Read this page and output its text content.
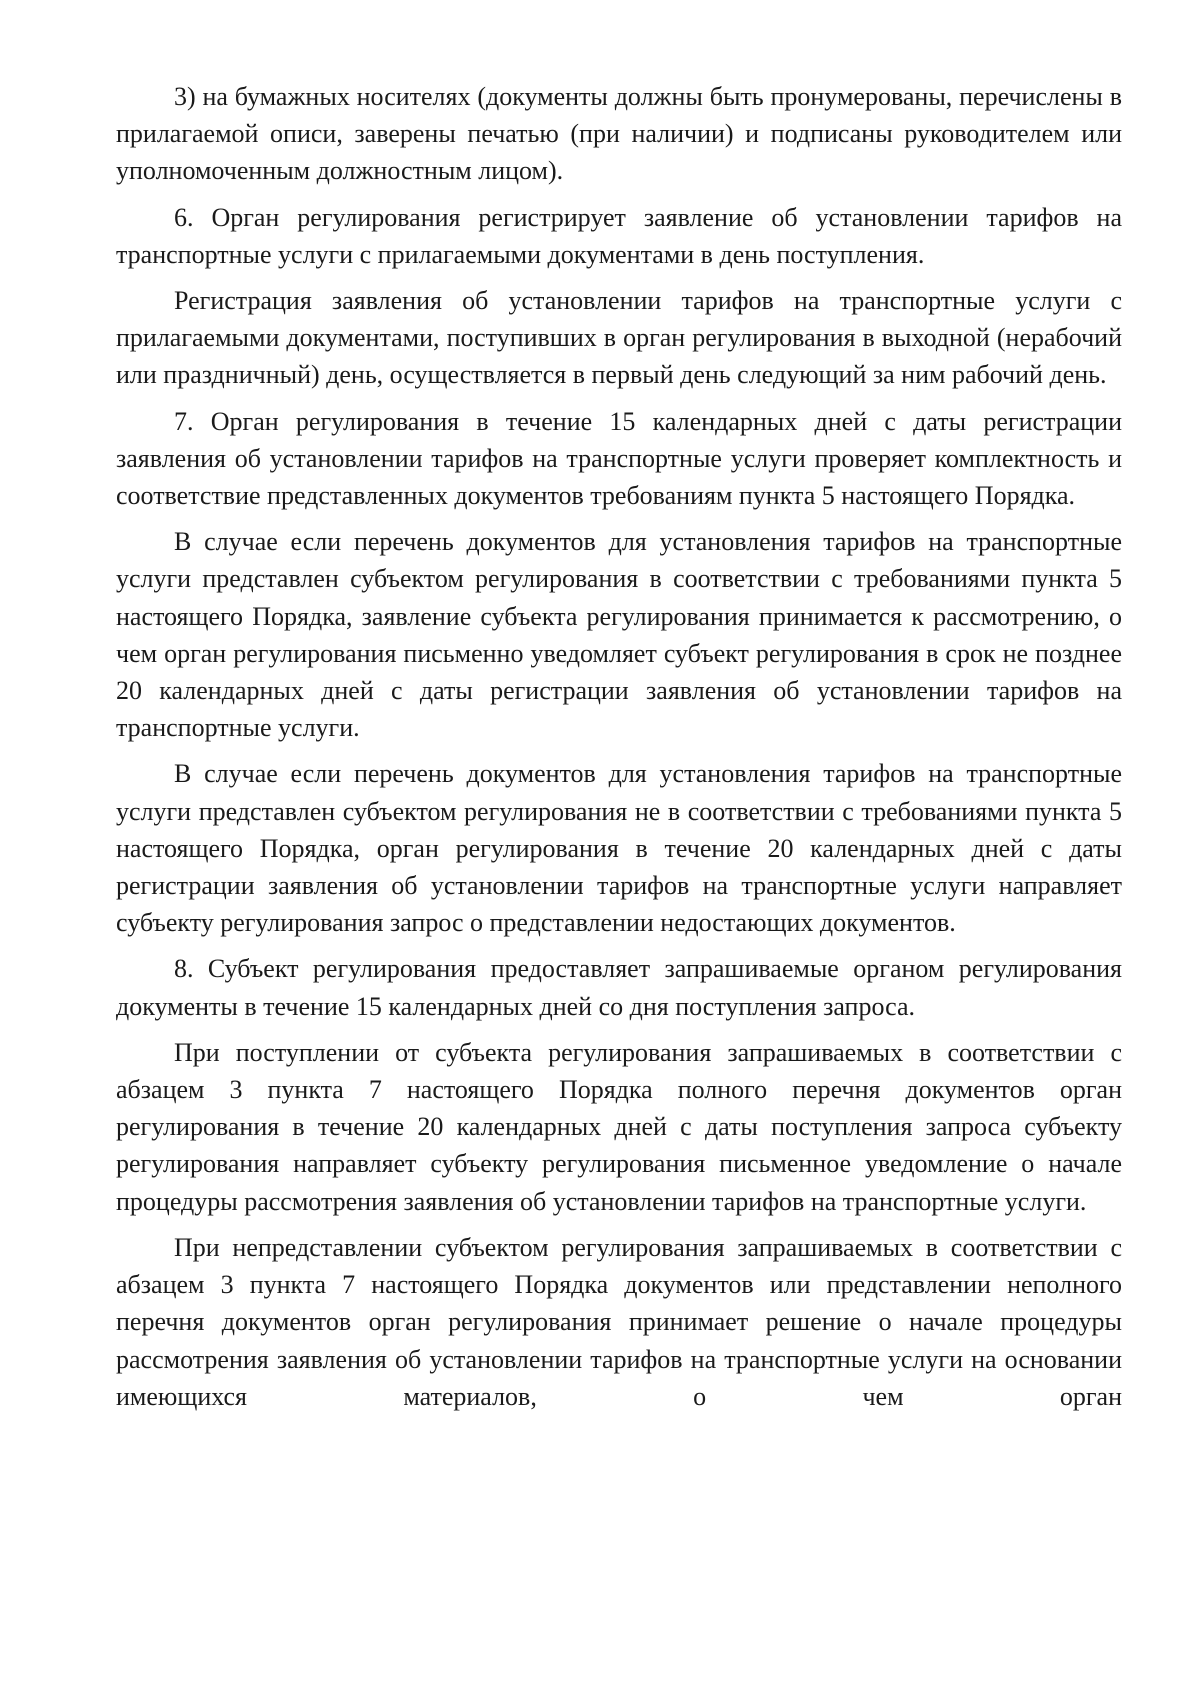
3) на бумажных носителях (документы должны быть пронумерованы, перечислены в прилагаемой описи, заверены печатью (при наличии) и подписаны руководителем или уполномоченным должностным лицом).

6. Орган регулирования регистрирует заявление об установлении тарифов на транспортные услуги с прилагаемыми документами в день поступления.

Регистрация заявления об установлении тарифов на транспортные услуги с прилагаемыми документами, поступивших в орган регулирования в выходной (нерабочий или праздничный) день, осуществляется в первый день следующий за ним рабочий день.

7. Орган регулирования в течение 15 календарных дней с даты регистрации заявления об установлении тарифов на транспортные услуги проверяет комплектность и соответствие представленных документов требованиям пункта 5 настоящего Порядка.

В случае если перечень документов для установления тарифов на транспортные услуги представлен субъектом регулирования в соответствии с требованиями пункта 5 настоящего Порядка, заявление субъекта регулирования принимается к рассмотрению, о чем орган регулирования письменно уведомляет субъект регулирования в срок не позднее 20 календарных дней с даты регистрации заявления об установлении тарифов на транспортные услуги.

В случае если перечень документов для установления тарифов на транспортные услуги представлен субъектом регулирования не в соответствии с требованиями пункта 5 настоящего Порядка, орган регулирования в течение 20 календарных дней с даты регистрации заявления об установлении тарифов на транспортные услуги направляет субъекту регулирования запрос о представлении недостающих документов.

8. Субъект регулирования предоставляет запрашиваемые органом регулирования документы в течение 15 календарных дней со дня поступления запроса.

При поступлении от субъекта регулирования запрашиваемых в соответствии с абзацем 3 пункта 7 настоящего Порядка полного перечня документов орган регулирования в течение 20 календарных дней с даты поступления запроса субъекту регулирования направляет субъекту регулирования письменное уведомление о начале процедуры рассмотрения заявления об установлении тарифов на транспортные услуги.

При непредставлении субъектом регулирования запрашиваемых в соответствии с абзацем 3 пункта 7 настоящего Порядка документов или представлении неполного перечня документов орган регулирования принимает решение о начале процедуры рассмотрения заявления об установлении тарифов на транспортные услуги на основании имеющихся материалов, о чем орган
